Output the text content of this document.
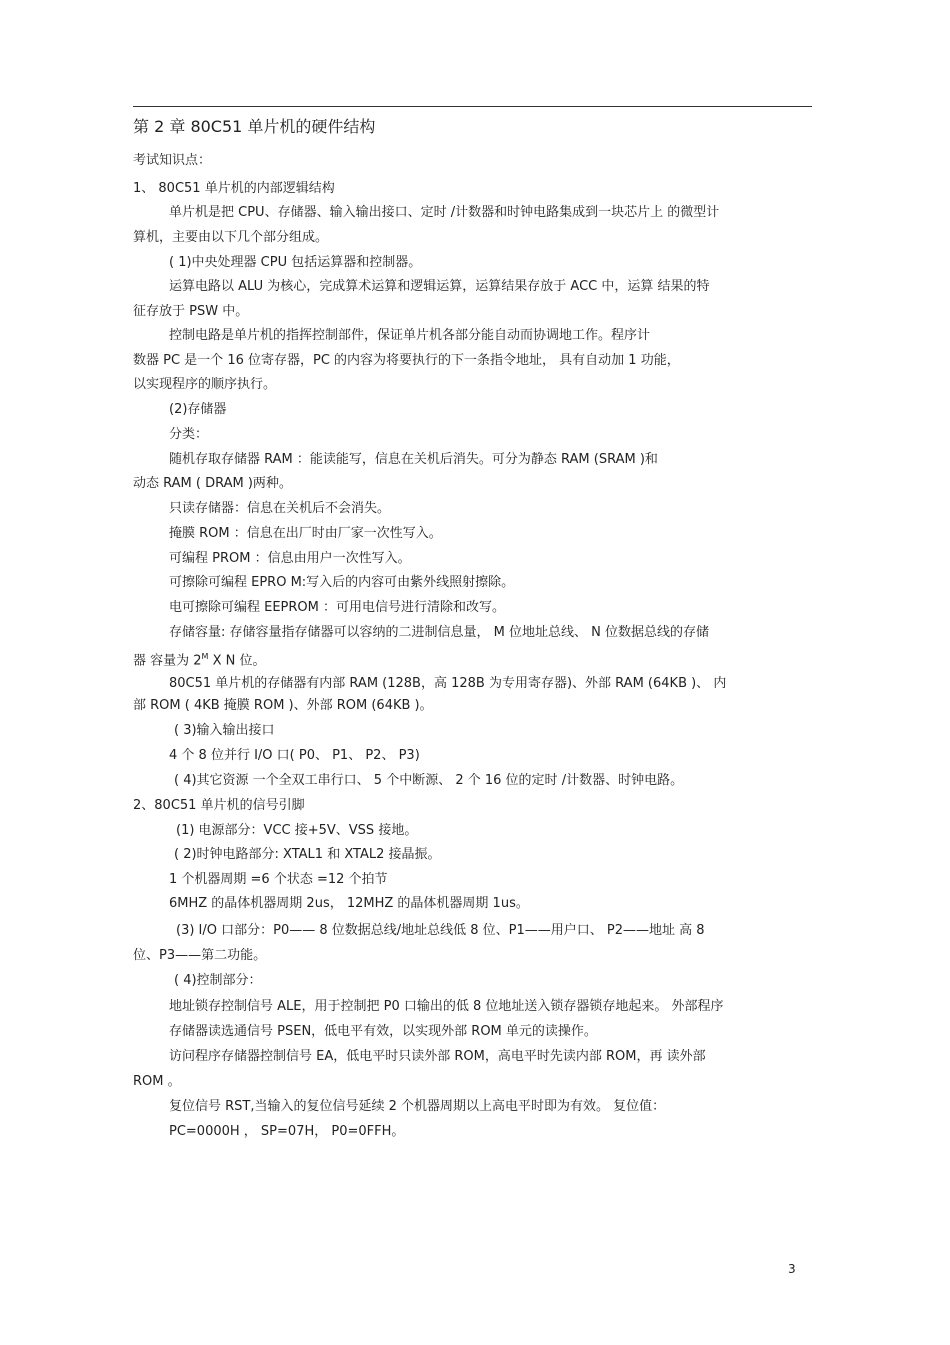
第 2 章 80C51 单片机的硬件结构
考试知识点：
1、 80C51 单片机的内部逻辑结构
单片机是把 CPU、存储器、输入输出接口、定时 /计数器和时钟电路集成到一块芯片上 的微型计
算机，主要由以下几个部分组成。
( 1)中央处理器 CPU 包括运算器和控制器。
运算电路以 ALU 为核心，完成算术运算和逻辑运算，运算结果存放于 ACC 中，运算 结果的特
征存放于 PSW 中。
控制电路是单片机的指挥控制部件，保证单片机各部分能自动而协调地工作。程序计
数器 PC 是一个 16 位寄存器，PC 的内容为将要执行的下一条指令地址， 具有自动加 1 功能，
以实现程序的顺序执行。
(2)存储器
分类：
随机存取存储器 RAM ：能读能写，信息在关机后消失。可分为静态 RAM (SRAM )和
动态 RAM ( DRAM )两种。
只读存储器：信息在关机后不会消失。
掩膜 ROM ：信息在出厂时由厂家一次性写入。
可编程 PROM ：信息由用户一次性写入。
可擦除可编程 EPRO M:写入后的内容可由紫外线照射擦除。
电可擦除可编程 EEPROM ：可用电信号进行清除和改写。
存储容量: 存储容量指存储器可以容纳的二进制信息量， M 位地址总线、 N 位数据总线的存储
器 容量为 $2^M$ X N 位。
80C51 单片机的存储器有内部 RAM (128B，高 128B 为专用寄存器)、外部 RAM (64KB )、 内
部 ROM ( 4KB 掩膜 ROM )、外部 ROM (64KB )。
( 3)输入输出接口
4 个 8 位并行 I/O 口( P0、 P1、 P2、 P3)
( 4)其它资源 一个全双工串行口、 5 个中断源、 2 个 16 位的定时 /计数器、时钟电路。
2、80C51 单片机的信号引脚
(1) 电源部分：VCC 接+5V、VSS 接地。
( 2)时钟电路部分: XTAL1 和 XTAL2 接晶振。
1 个机器周期 =6 个状态 =12 个拍节
6MHZ 的晶体机器周期 2us， 12MHZ 的晶体机器周期 1us。
(3) I/O 口部分：P0—— 8 位数据总线/地址总线低 8 位、P1——用户口、 P2——地址 高 8
位、P3——第二功能。
( 4)控制部分：
地址锁存控制信号 ALE，用于控制把 P0 口输出的低 8 位地址送入锁存器锁存地起来。 外部程序
存储器读选通信号 PSEN，低电平有效，以实现外部 ROM 单元的读操作。
访问程序存储器控制信号 EA，低电平时只读外部 ROM，高电平时先读内部 ROM，再 读外部
ROM 。
复位信号 RST,当输入的复位信号延续 2 个机器周期以上高电平时即为有效。 复位值：
PC=0000H ， SP=07H， P0=0FFH。
3
